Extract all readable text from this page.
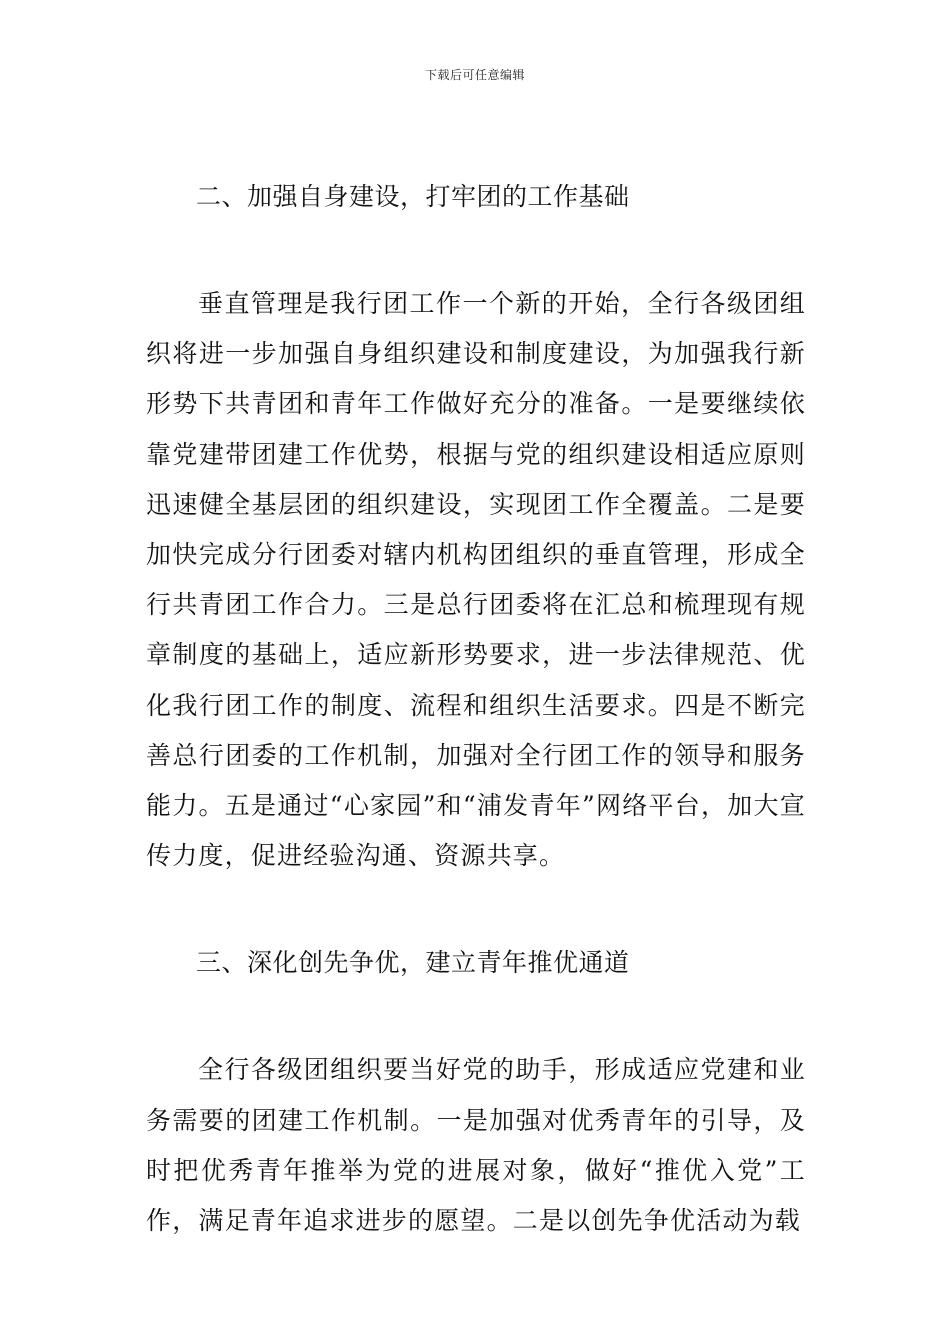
下载后可任意编辑
二、加强自身建设，打牢团的工作基础

垂直管理是我行团工作一个新的开始，全行各级团组织将进一步加强自身组织建设和制度建设，为加强我行新形势下共青团和青年工作做好充分的准备。一是要继续依靠党建带团建工作优势，根据与党的组织建设相适应原则迅速健全基层团的组织建设，实现团工作全覆盖。二是要加快完成分行团委对辖内机构团组织的垂直管理，形成全行共青团工作合力。三是总行团委将在汇总和梳理现有规章制度的基础上，适应新形势要求，进一步法律规范、优化我行团工作的制度、流程和组织生活要求。四是不断完善总行团委的工作机制，加强对全行团工作的领导和服务能力。五是通过“心家园”和“浦发青年”网络平台，加大宣传力度，促进经验沟通、资源共享。

三、深化创先争优，建立青年推优通道

全行各级团组织要当好党的助手，形成适应党建和业务需要的团建工作机制。一是加强对优秀青年的引导，及时把优秀青年推举为党的进展对象，做好“推优入党”工作，满足青年追求进步的愿望。二是以创先争优活动为载
